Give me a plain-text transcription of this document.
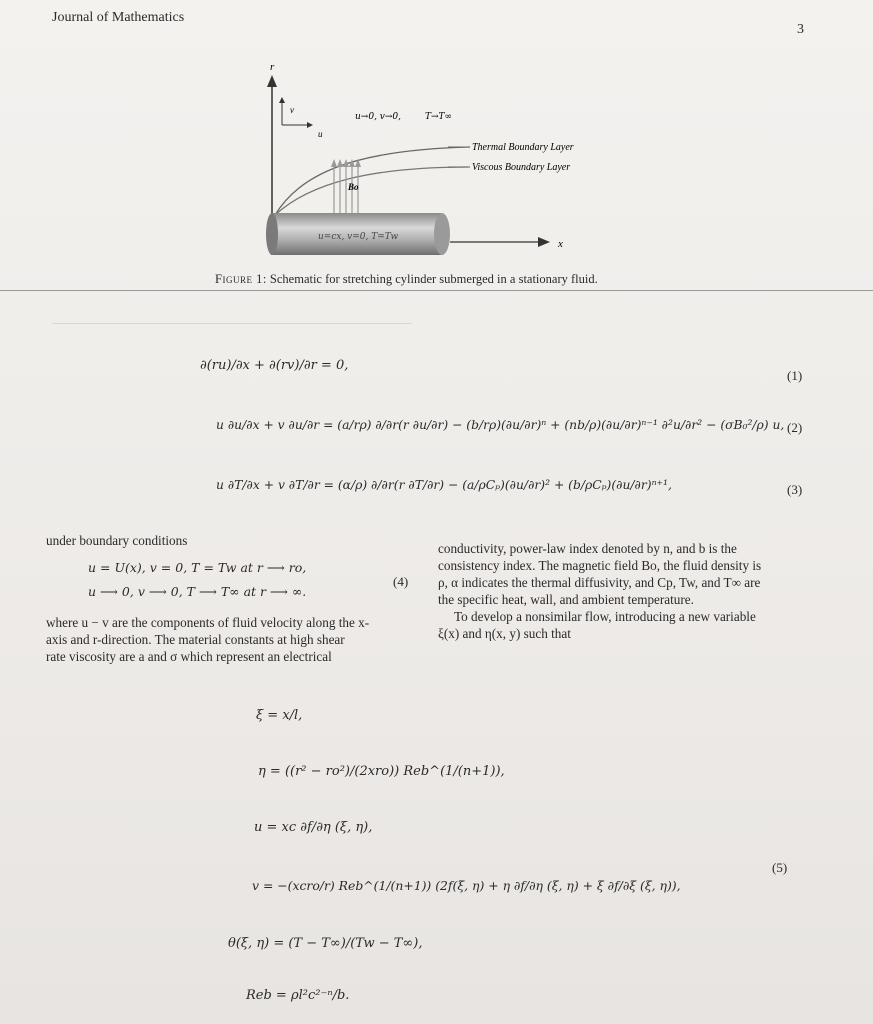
Journal of Mathematics
3
r
v
u
u→0, v→0,	T→T∞
Thermal Boundary Layer
Viscous Boundary Layer
Bo
u=cx, v=0, T=Tw
x
Figure 1: Schematic for stretching cylinder submerged in a stationary fluid.
∂(ru)/∂x + ∂(rv)/∂r = 0,
(1)
u ∂u/∂x + v ∂u/∂r = (a/rρ) ∂/∂r(r ∂u/∂r) − (b/rρ)(∂u/∂r)ⁿ + (nb/ρ)(∂u/∂r)ⁿ⁻¹ ∂²u/∂r² − (σB₀²/ρ) u, (2)
u ∂T/∂x + v ∂T/∂r = (α/ρ) ∂/∂r(r ∂T/∂r) − (a/ρCₚ)(∂u/∂r)² + (b/ρCₚ)(∂u/∂r)ⁿ⁺¹,	(3)
under boundary conditions
u = U(x), v = 0, T = Tw at r ⟶ ro,
u ⟶ 0, v ⟶ 0, T ⟶ T∞ at r ⟶ ∞.
(4)
where u − v are the components of fluid velocity along the x-
axis and r-direction. The material constants at high shear
rate viscosity are a and σ which represent an electrical
conductivity, power-law index denoted by n, and b is the
consistency index. The magnetic field Bo, the fluid density is
ρ, α indicates the thermal diffusivity, and Cp, Tw, and T∞ are
the specific heat, wall, and ambient temperature.
To develop a nonsimilar flow, introducing a new variable
ξ(x) and η(x, y) such that
ξ = x/l,
η = ((r² − ro²)/(2xro)) Reb^(1/(n+1)),
u = xc ∂f/∂η (ξ, η),
v = −(xcro/r) Reb^(1/(n+1)) (2f(ξ, η) + η ∂f/∂η (ξ, η) + ξ ∂f/∂ξ (ξ, η)),
(5)
θ(ξ, η) = (T − T∞)/(Tw − T∞),
Reb = ρl²c²⁻ⁿ/b.
